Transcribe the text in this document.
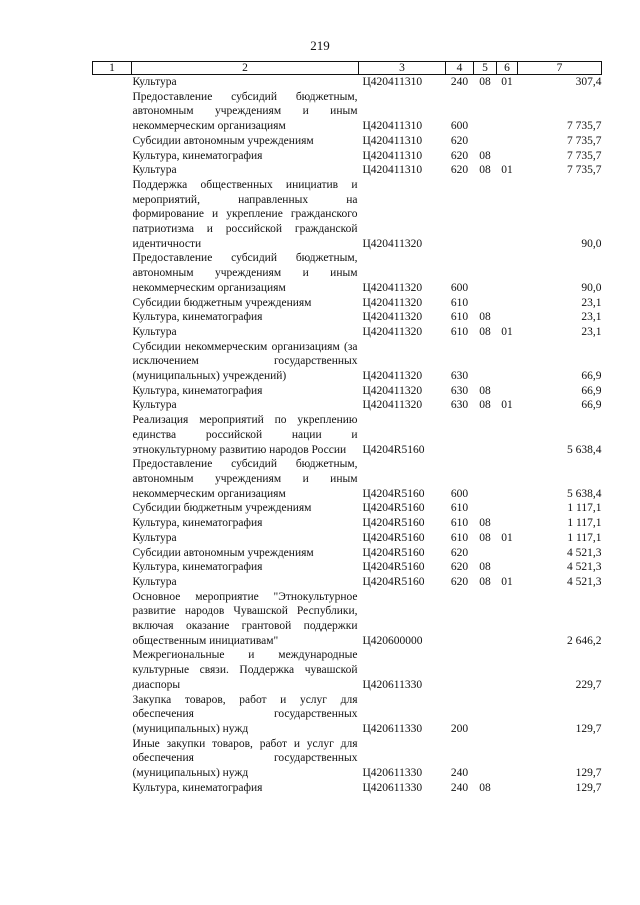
219
1	2	3	4	5	6	7
	Культура	Ц420411310	240	08	01	307,4
	Предоставление субсидий бюджетным, автономным учреждениям и иным некоммерческим организациям	Ц420411310	600			7 735,7
	Субсидии автономным учреждениям	Ц420411310	620			7 735,7
	Культура, кинематография	Ц420411310	620	08		7 735,7
	Культура	Ц420411310	620	08	01	7 735,7
	Поддержка общественных инициатив и мероприятий, направленных на формирование и укрепление гражданского патриотизма и российской гражданской идентичности	Ц420411320				90,0
	Предоставление субсидий бюджетным, автономным учреждениям и иным некоммерческим организациям	Ц420411320	600			90,0
	Субсидии бюджетным учреждениям	Ц420411320	610			23,1
	Культура, кинематография	Ц420411320	610	08		23,1
	Культура	Ц420411320	610	08	01	23,1
	Субсидии некоммерческим организациям (за исключением государственных (муниципальных) учреждений)	Ц420411320	630			66,9
	Культура, кинематография	Ц420411320	630	08		66,9
	Культура	Ц420411320	630	08	01	66,9
	Реализация мероприятий по укреплению единства российской нации и этнокультурному развитию народов России	Ц4204R5160				5 638,4
	Предоставление субсидий бюджетным, автономным учреждениям и иным некоммерческим организациям	Ц4204R5160	600			5 638,4
	Субсидии бюджетным учреждениям	Ц4204R5160	610			1 117,1
	Культура, кинематография	Ц4204R5160	610	08		1 117,1
	Культура	Ц4204R5160	610	08	01	1 117,1
	Субсидии автономным учреждениям	Ц4204R5160	620			4 521,3
	Культура, кинематография	Ц4204R5160	620	08		4 521,3
	Культура	Ц4204R5160	620	08	01	4 521,3
	Основное мероприятие "Этнокультурное развитие народов Чувашской Республики, включая оказание грантовой поддержки общественным инициативам"	Ц420600000				2 646,2
	Межрегиональные и международные культурные связи. Поддержка чувашской диаспоры	Ц420611330				229,7
	Закупка товаров, работ и услуг для обеспечения государственных (муниципальных) нужд	Ц420611330	200			129,7
	Иные закупки товаров, работ и услуг для обеспечения государственных (муниципальных) нужд	Ц420611330	240			129,7
	Культура, кинематография	Ц420611330	240	08		129,7
